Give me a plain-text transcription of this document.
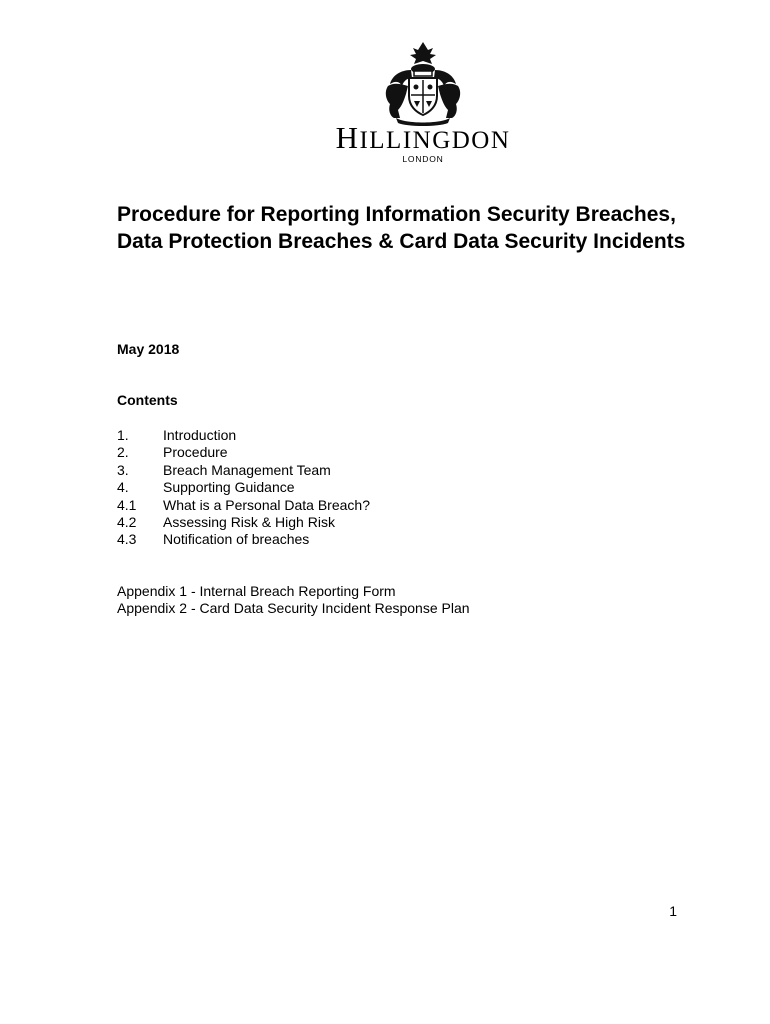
HILLINGDON
LONDON
Procedure for Reporting Information Security Breaches, Data Protection Breaches & Card Data Security Incidents

May 2018

Contents

1.	Introduction
2.	Procedure
3.	Breach Management Team
4.	Supporting Guidance
4.1	What is a Personal Data Breach?
4.2	Assessing Risk & High Risk
4.3	Notification of breaches
Appendix 1 - Internal Breach Reporting Form
Appendix 2 - Card Data Security Incident Response Plan
1
